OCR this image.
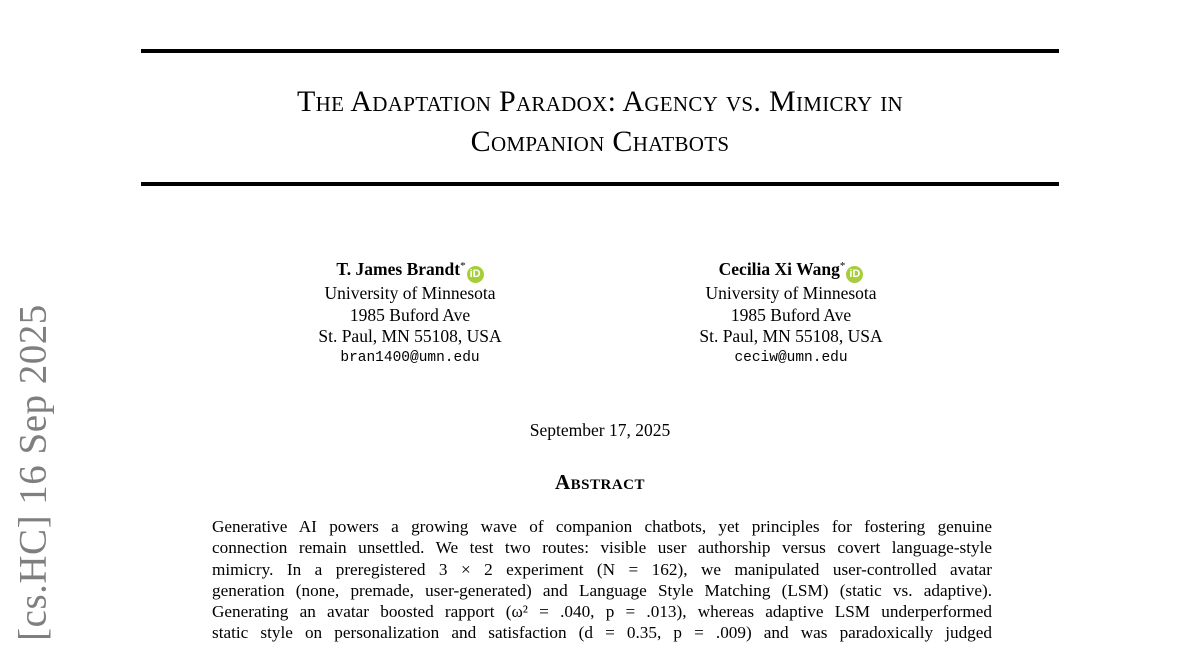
[cs.HC] 16 Sep 2025
The Adaptation Paradox: Agency vs. Mimicry in
Companion Chatbots
T. James Brandt*
iD
University of Minnesota
1985 Buford Ave
St. Paul, MN 55108, USA
bran1400@umn.edu
Cecilia Xi Wang*
iD
University of Minnesota
1985 Buford Ave
St. Paul, MN 55108, USA
ceciw@umn.edu
September 17, 2025
Abstract
Generative AI powers a growing wave of companion chatbots, yet principles for fostering genuine
connection remain unsettled. We test two routes: visible user authorship versus covert language-style
mimicry. In a preregistered 3 × 2 experiment (N = 162), we manipulated user-controlled avatar
generation (none, premade, user-generated) and Language Style Matching (LSM) (static vs. adaptive).
Generating an avatar boosted rapport (ω² = .040, p = .013), whereas adaptive LSM underperformed
static style on personalization and satisfaction (d = 0.35, p = .009) and was paradoxically judged
